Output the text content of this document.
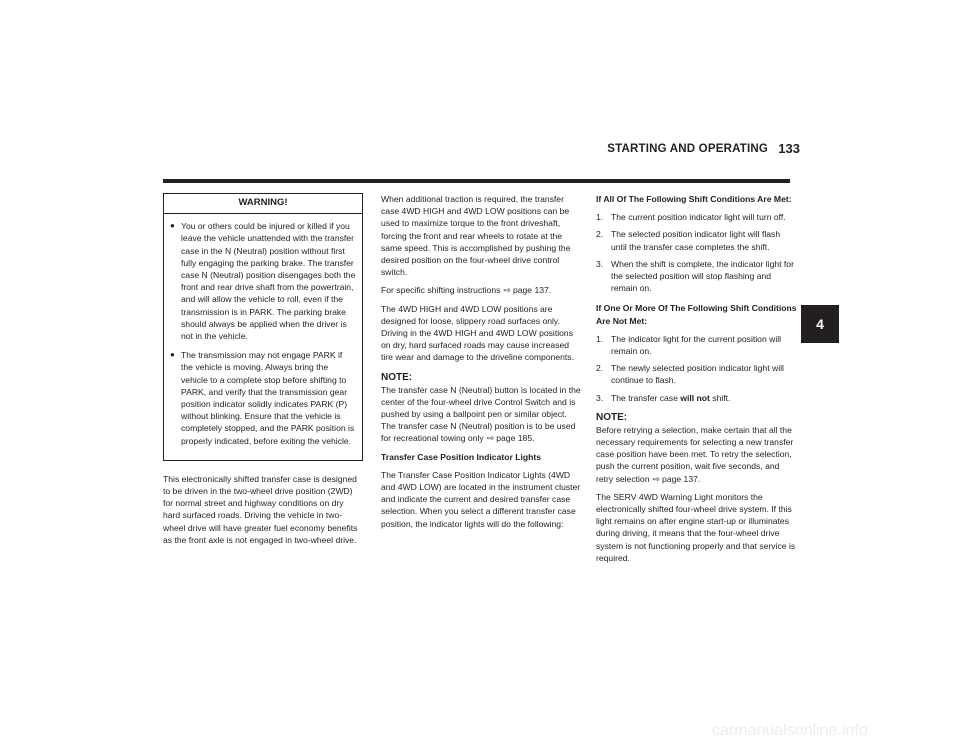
STARTING AND OPERATING 133
4
WARNING!
● You or others could be injured or killed if you leave the vehicle unattended with the transfer case in the N (Neutral) position without first fully engaging the parking brake. The transfer case N (Neutral) position disengages both the front and rear drive shaft from the powertrain, and will allow the vehicle to roll, even if the transmission is in PARK. The parking brake should always be applied when the driver is not in the vehicle.
● The transmission may not engage PARK if the vehicle is moving. Always bring the vehicle to a complete stop before shifting to PARK, and verify that the transmission gear position indicator solidly indicates PARK (P) without blinking. Ensure that the vehicle is completely stopped, and the PARK position is properly indicated, before exiting the vehicle.

This electronically shifted transfer case is designed to be driven in the two-wheel drive position (2WD) for normal street and highway conditions on dry hard surfaced roads. Driving the vehicle in two-wheel drive will have greater fuel economy benefits as the front axle is not engaged in two-wheel drive.

When additional traction is required, the transfer case 4WD HIGH and 4WD LOW positions can be used to maximize torque to the front driveshaft, forcing the front and rear wheels to rotate at the same speed. This is accomplished by pushing the desired position on the four-wheel drive control switch.

For specific shifting instructions ⇨ page 137.

The 4WD HIGH and 4WD LOW positions are designed for loose, slippery road surfaces only. Driving in the 4WD HIGH and 4WD LOW positions on dry, hard surfaced roads may cause increased tire wear and damage to the driveline components.

NOTE:

The transfer case N (Neutral) button is located in the center of the four-wheel drive Control Switch and is pushed by using a ballpoint pen or similar object. The transfer case N (Neutral) position is to be used for recreational towing only ⇨ page 185.

Transfer Case Position Indicator Lights

The Transfer Case Position Indicator Lights (4WD and 4WD LOW) are located in the instrument cluster and indicate the current and desired transfer case selection. When you select a different transfer case position, the indicator lights will do the following:

If All Of The Following Shift Conditions Are Met:
1. The current position indicator light will turn off.
2. The selected position indicator light will flash until the transfer case completes the shift.
3. When the shift is complete, the indicator light for the selected position will stop flashing and remain on.
If One Or More Of The Following Shift Conditions Are Not Met:
1. The indicator light for the current position will remain on.
2. The newly selected position indicator light will continue to flash.
3. The transfer case will not shift.
NOTE:

Before retrying a selection, make certain that all the necessary requirements for selecting a new transfer case position have been met. To retry the selection, push the current position, wait five seconds, and retry selection ⇨ page 137.

The SERV 4WD Warning Light monitors the electronically shifted four-wheel drive system. If this light remains on after engine start-up or illuminates during driving, it means that the four-wheel drive system is not functioning properly and that service is required.

carmanualsonline.info
